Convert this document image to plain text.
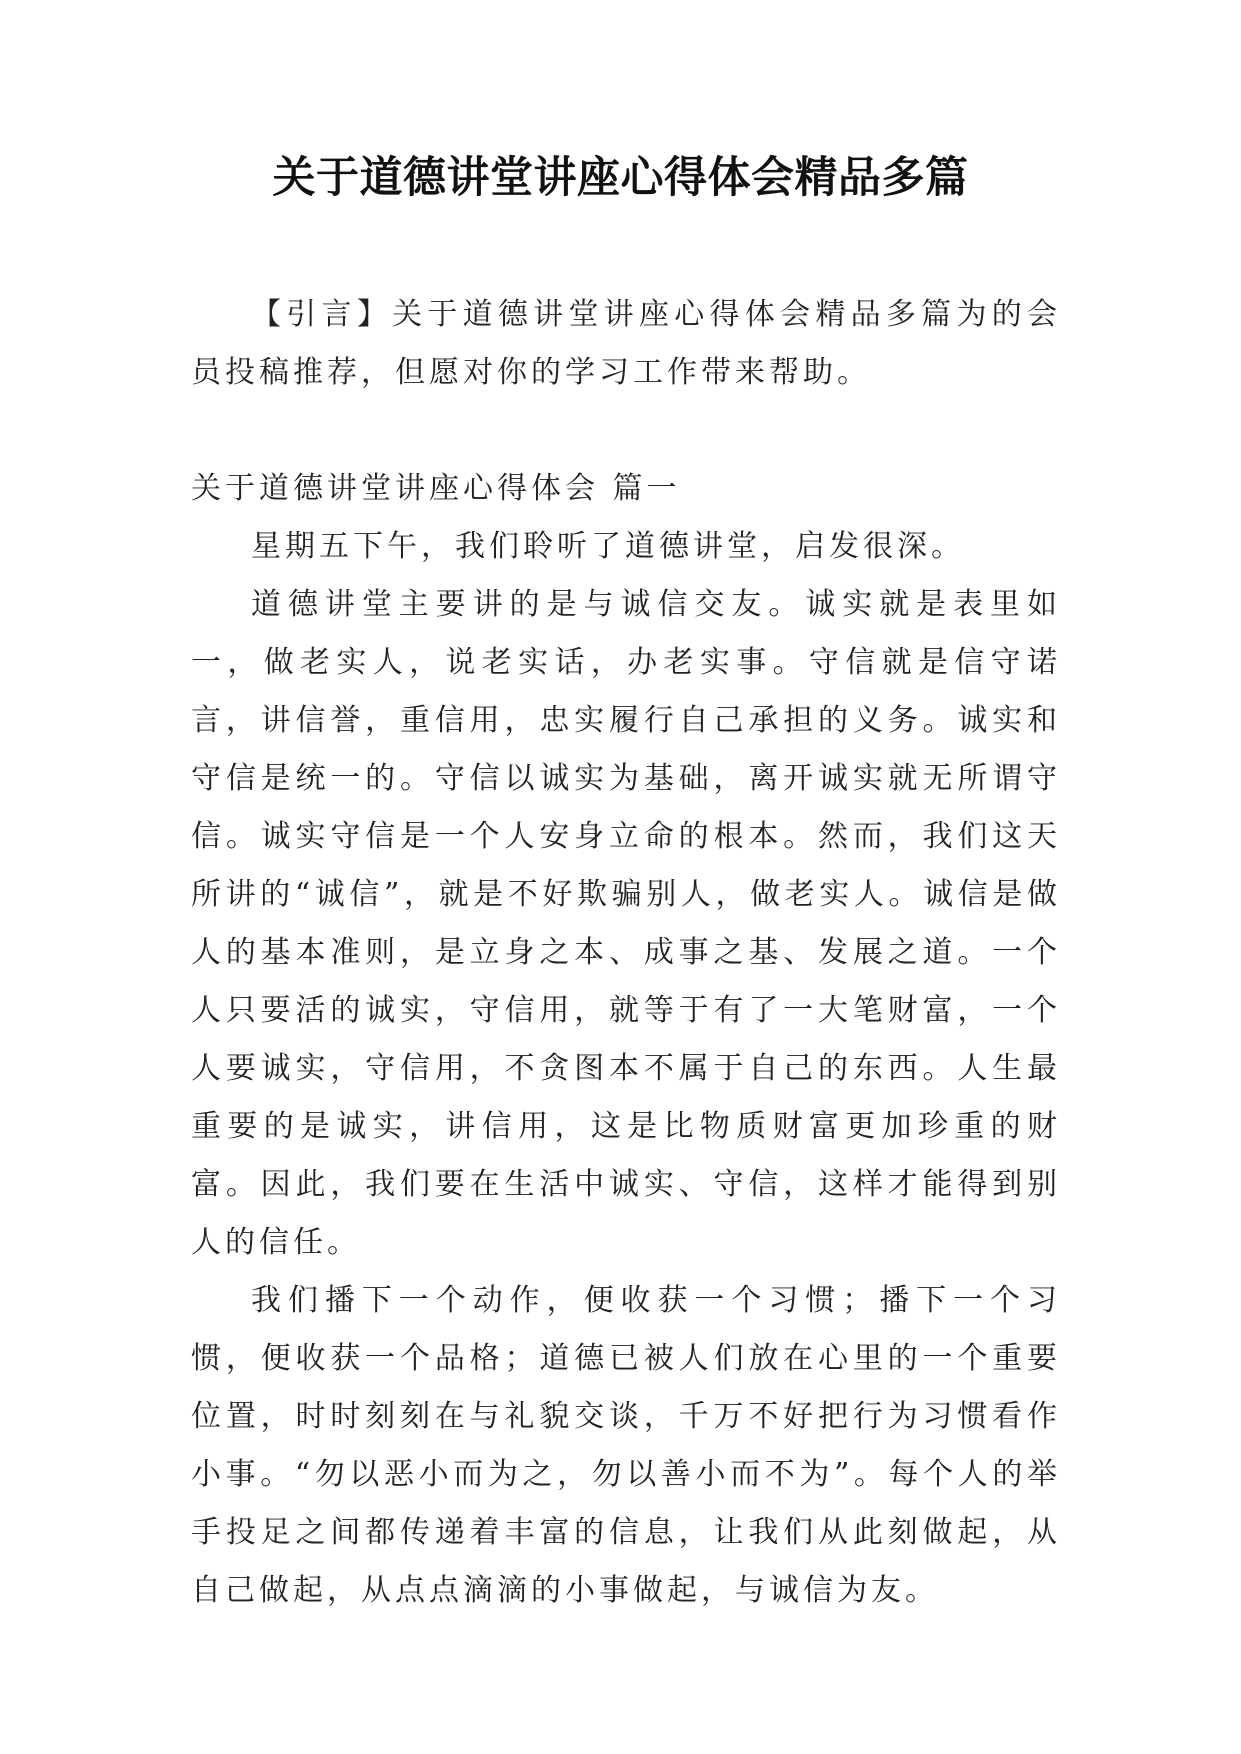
关于道德讲堂讲座心得体会精品多篇

【引言】关于道德讲堂讲座心得体会精品多篇为的会员投稿推荐，但愿对你的学习工作带来帮助。

关于道德讲堂讲座心得体会 篇一

星期五下午，我们聆听了道德讲堂，启发很深。

道德讲堂主要讲的是与诚信交友。诚实就是表里如一，做老实人，说老实话，办老实事。守信就是信守诺言，讲信誉，重信用，忠实履行自己承担的义务。诚实和守信是统一的。守信以诚实为基础，离开诚实就无所谓守信。诚实守信是一个人安身立命的根本。然而，我们这天所讲的“诚信”，就是不好欺骗别人，做老实人。诚信是做人的基本准则，是立身之本、成事之基、发展之道。一个人只要活的诚实，守信用，就等于有了一大笔财富，一个人要诚实，守信用，不贪图本不属于自己的东西。人生最重要的是诚实，讲信用，这是比物质财富更加珍重的财富。因此，我们要在生活中诚实、守信，这样才能得到别人的信任。

我们播下一个动作，便收获一个习惯；播下一个习惯，便收获一个品格；道德已被人们放在心里的一个重要位置，时时刻刻在与礼貌交谈，千万不好把行为习惯看作小事。“勿以恶小而为之，勿以善小而不为”。每个人的举手投足之间都传递着丰富的信息，让我们从此刻做起，从自己做起，从点点滴滴的小事做起，与诚信为友。
